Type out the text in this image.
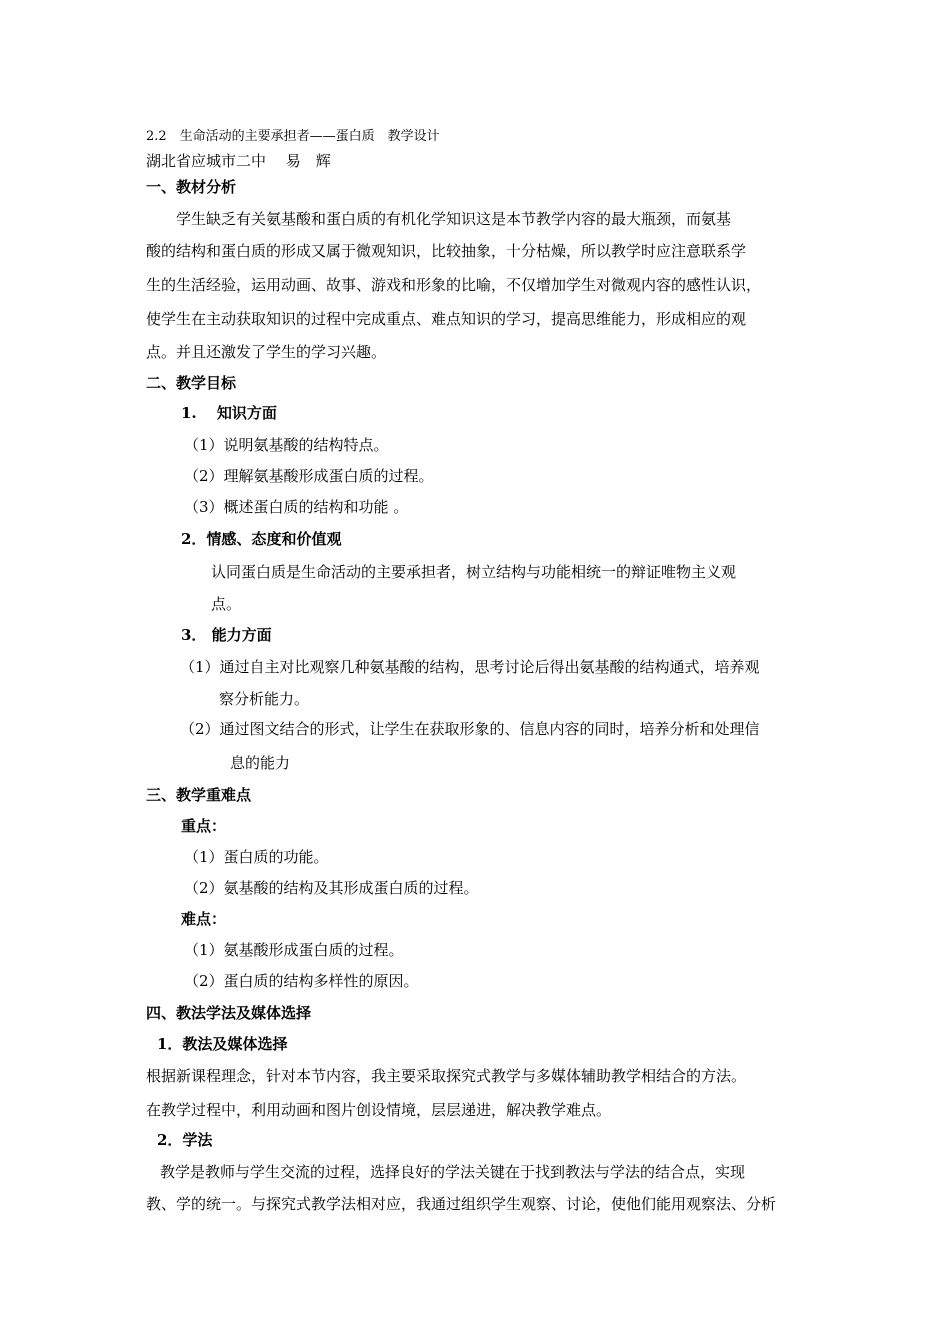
2.2　生命活动的主要承担者——蛋白质　教学设计
湖北省应城市二中　 易　辉
一、教材分析
学生缺乏有关氨基酸和蛋白质的有机化学知识这是本节教学内容的最大瓶颈，而氨基
酸的结构和蛋白质的形成又属于微观知识，比较抽象，十分枯燥，所以教学时应注意联系学
生的生活经验，运用动画、故事、游戏和形象的比喻，不仅增加学生对微观内容的感性认识，
使学生在主动获取知识的过程中完成重点、难点知识的学习，提高思维能力，形成相应的观
点。并且还激发了学生的学习兴趣。
二、教学目标
1.　 知识方面
（1）说明氨基酸的结构特点。
（2）理解氨基酸形成蛋白质的过程。
（3）概述蛋白质的结构和功能 。
2．情感、态度和价值观
认同蛋白质是生命活动的主要承担者，树立结构与功能相统一的辩证唯物主义观
点。
3． 能力方面
（1）通过自主对比观察几种氨基酸的结构，思考讨论后得出氨基酸的结构通式，培养观
察分析能力。
（2）通过图文结合的形式，让学生在获取形象的、信息内容的同时，培养分析和处理信
息的能力
三、教学重难点
重点：
（1）蛋白质的功能。
（2）氨基酸的结构及其形成蛋白质的过程。
难点：
（1）氨基酸形成蛋白质的过程。
（2）蛋白质的结构多样性的原因。
四、教法学法及媒体选择
1．教法及媒体选择
根据新课程理念，针对本节内容，我主要采取探究式教学与多媒体辅助教学相结合的方法。
在教学过程中，利用动画和图片创设情境，层层递进，解决教学难点。
2．学法
教学是教师与学生交流的过程，选择良好的学法关键在于找到教法与学法的结合点，实现
教、学的统一。与探究式教学法相对应，我通过组织学生观察、讨论，使他们能用观察法、分析
